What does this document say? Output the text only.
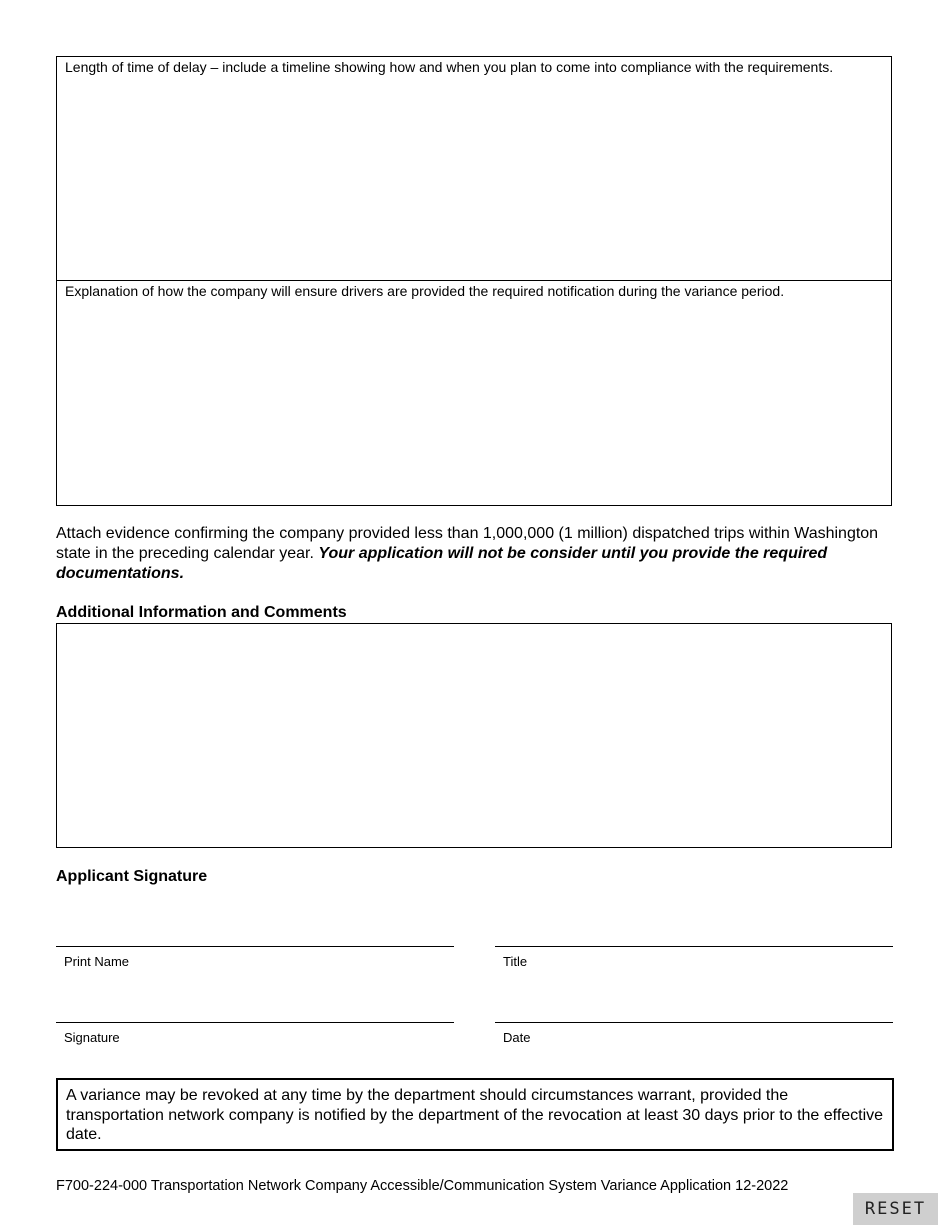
Length of time of delay – include a timeline showing how and when you plan to come into compliance with the requirements.
Explanation of how the company will ensure drivers are provided the required notification during the variance period.
Attach evidence confirming the company provided less than 1,000,000 (1 million) dispatched trips within Washington state in the preceding calendar year. Your application will not be consider until you provide the required documentations.
Additional Information and Comments
Applicant Signature
Print Name	Title
Signature	Date
A variance may be revoked at any time by the department should circumstances warrant, provided the transportation network company is notified by the department of the revocation at least 30 days prior to the effective date.
F700-224-000 Transportation Network Company Accessible/Communication System Variance Application 12-2022
RESET
